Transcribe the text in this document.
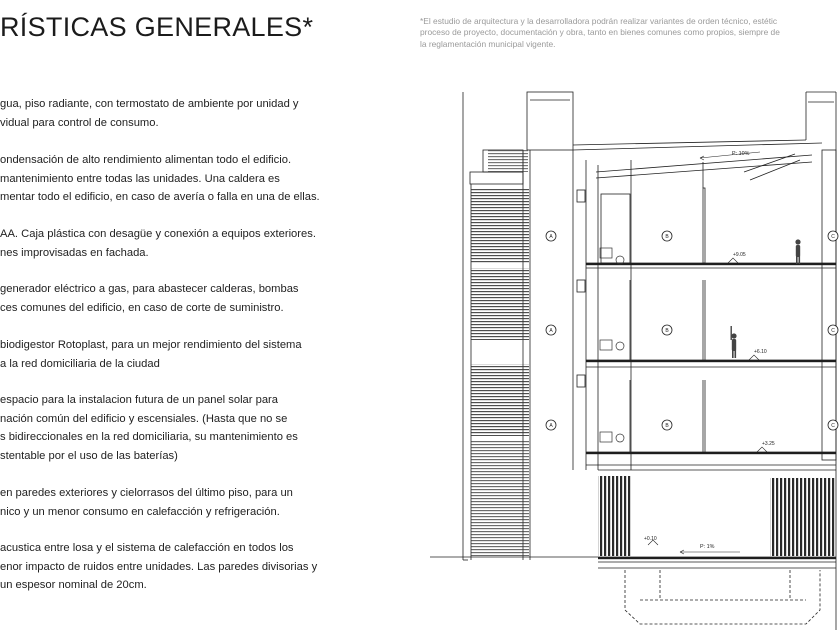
RÍSTICAS GENERALES*	*El estudio de arquitectura y la desarrolladora podrán realizar variantes de orden técnico, estétic
proceso de proyecto, documentación y obra, tanto en bienes comunes como propios, siempre de
la reglamentación municipal vigente.
gua, piso radiante, con termostato de ambiente por unidad y
vidual para control de consumo.
ondensación de alto rendimiento alimentan todo el edificio.
mantenimiento entre todas las unidades. Una caldera es
mentar todo el edificio, en caso de avería o falla en una de ellas.
AA. Caja plástica con desagüe y conexión a equipos exteriores.
nes improvisadas en fachada.
generador eléctrico a gas, para abastecer calderas, bombas
ces comunes del edificio, en caso de corte de suministro.
biodigestor Rotoplast, para un mejor rendimiento del sistema
a la red domiciliaria de la ciudad
espacio para la instalacion futura de un panel solar para
nación común del edificio y escensiales. (Hasta que no se
s bidireccionales en la red domiciliaria, su mantenimiento es
stentable por el uso de las baterías)
en paredes exteriores y cielorrasos del último piso, para un
nico y un menor consumo en calefacción y refrigeración.
acustica entre losa y el sistema de calefacción en todos los
enor impacto de ruidos entre unidades. Las paredes divisorias y
un espesor nominal de 20cm.
A	B	C
A	B	C
A	B	C
+9.05
+6.10
+3.25
+0.10
P: 10%
P: 1%
